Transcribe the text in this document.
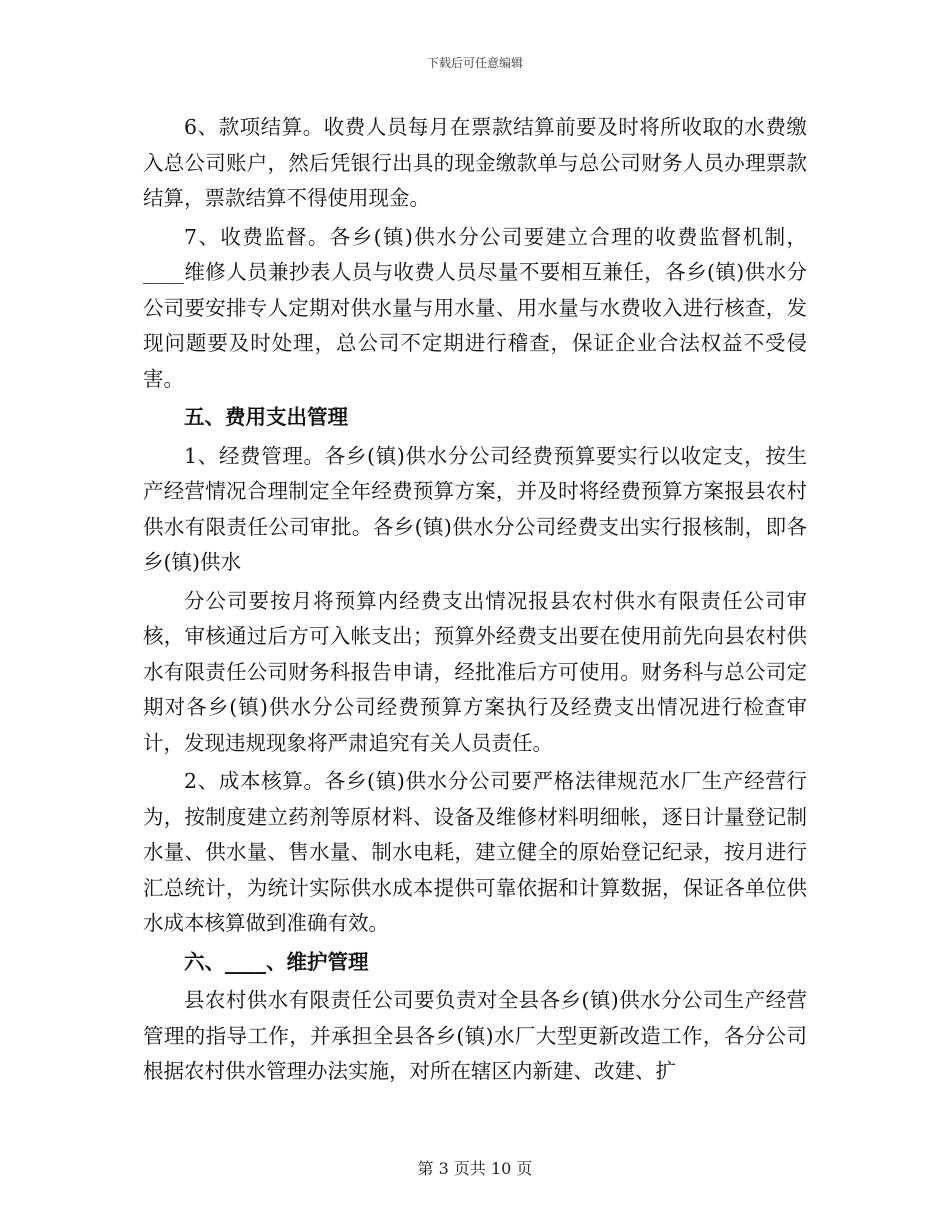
下载后可任意编辑

6、款项结算。收费人员每月在票款结算前要及时将所收取的水费缴入总公司账户，然后凭银行出具的现金缴款单与总公司财务人员办理票款结算，票款结算不得使用现金。

7、收费监督。各乡(镇)供水分公司要建立合理的收费监督机制，____维修人员兼抄表人员与收费人员尽量不要相互兼任，各乡(镇)供水分公司要安排专人定期对供水量与用水量、用水量与水费收入进行核查，发现问题要及时处理，总公司不定期进行稽查，保证企业合法权益不受侵害。

五、费用支出管理

1、经费管理。各乡(镇)供水分公司经费预算要实行以收定支，按生产经营情况合理制定全年经费预算方案，并及时将经费预算方案报县农村供水有限责任公司审批。各乡(镇)供水分公司经费支出实行报核制，即各乡(镇)供水

分公司要按月将预算内经费支出情况报县农村供水有限责任公司审核，审核通过后方可入帐支出；预算外经费支出要在使用前先向县农村供水有限责任公司财务科报告申请，经批准后方可使用。财务科与总公司定期对各乡(镇)供水分公司经费预算方案执行及经费支出情况进行检查审计，发现违规现象将严肃追究有关人员责任。

2、成本核算。各乡(镇)供水分公司要严格法律规范水厂生产经营行为，按制度建立药剂等原材料、设备及维修材料明细帐，逐日计量登记制水量、供水量、售水量、制水电耗，建立健全的原始登记纪录，按月进行汇总统计，为统计实际供水成本提供可靠依据和计算数据，保证各单位供水成本核算做到准确有效。

六、____、维护管理

县农村供水有限责任公司要负责对全县各乡(镇)供水分公司生产经营管理的指导工作，并承担全县各乡(镇)水厂大型更新改造工作，各分公司根据农村供水管理办法实施，对所在辖区内新建、改建、扩

第 3 页共 10 页
